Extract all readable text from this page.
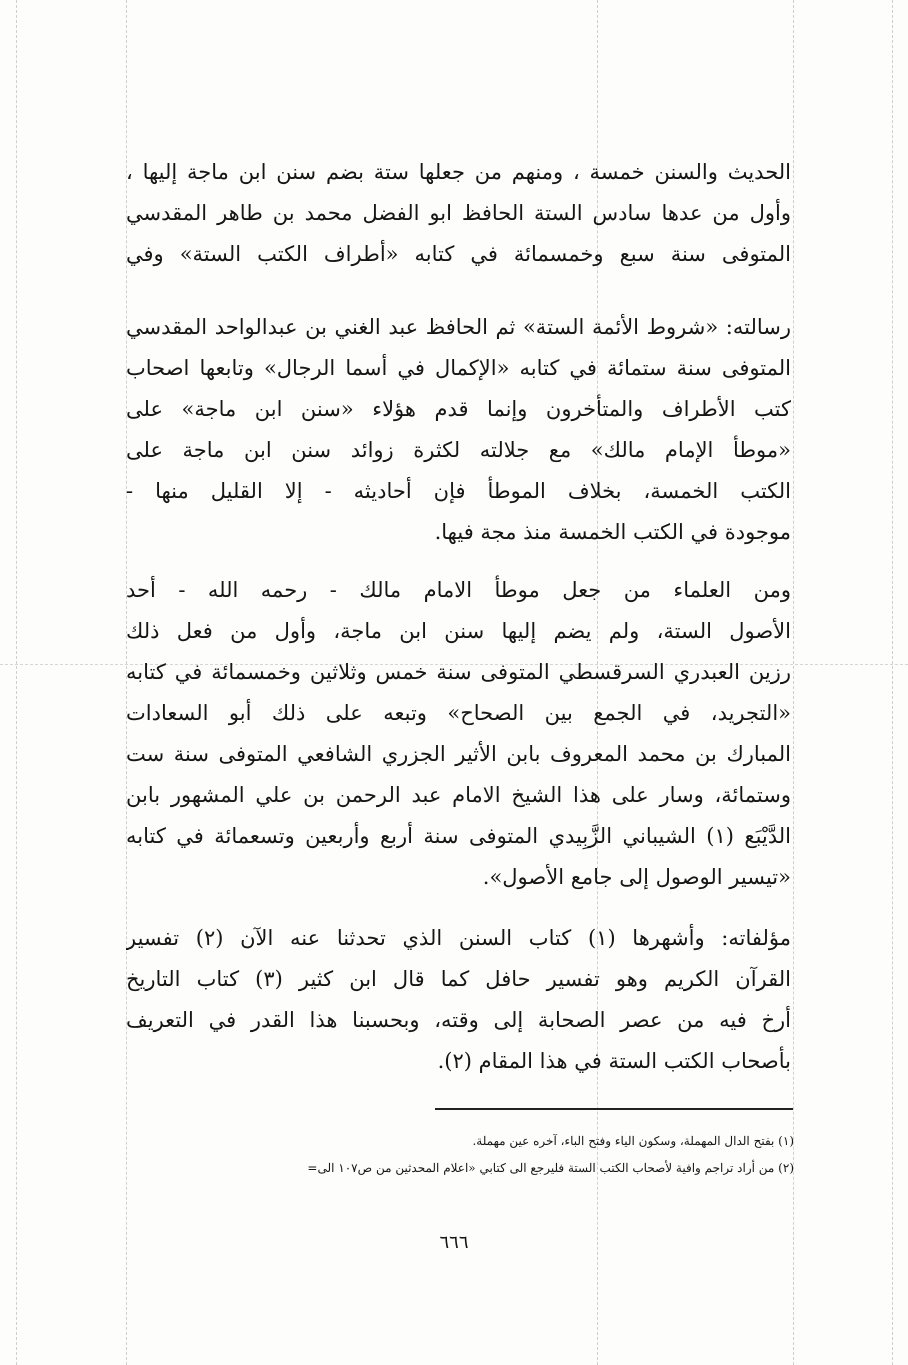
الحديث والسنن خمسة ، ومنهم من جعلها ستة بضم سنن ابن ماجة إليها ،
وأول من عدها سادس الستة الحافظ ابو الفضل محمد بن طاهر المقدسي
المتوفى سنة سبع وخمسمائة في كتابه «أطراف الكتب الستة» وفي
رسالته: «شروط الأئمة الستة» ثم الحافظ عبد الغني بن عبدالواحد المقدسي
المتوفى سنة ستمائة في كتابه «الإكمال في أسما الرجال» وتابعها اصحاب
كتب الأطراف والمتأخرون وإنما قدم هؤلاء «سنن ابن ماجة» على
«موطأ الإمام مالك» مع جلالته لكثرة زوائد سنن ابن ماجة على
الكتب الخمسة، بخلاف الموطأ فإن أحاديثه - إلا القليل منها -
موجودة في الكتب الخمسة منذ مجة فيها.
ومن العلماء من جعل موطأ الامام مالك - رحمه الله - أحد
الأصول الستة، ولم يضم إليها سنن ابن ماجة، وأول من فعل ذلك
رزين العبدري السرقسطي المتوفى سنة خمس وثلاثين وخمسمائة في كتابه
«التجريد، في الجمع بين الصحاح» وتبعه على ذلك أبو السعادات
المبارك بن محمد المعروف بابن الأثير الجزري الشافعي المتوفى سنة ست
وستمائة، وسار على هذا الشيخ الامام عبد الرحمن بن علي المشهور بابن
الدَّيْبَع (١) الشيباني الزَّبِيدي المتوفى سنة أربع وأربعين وتسعمائة في كتابه
«تيسير الوصول إلى جامع الأصول».
مؤلفاته: وأشهرها (١) كتاب السنن الذي تحدثنا عنه الآن (٢) تفسير
القرآن الكريم وهو تفسير حافل كما قال ابن كثير (٣) كتاب التاريخ
أرخ فيه من عصر الصحابة إلى وقته، وبحسبنا هذا القدر في التعريف
بأصحاب الكتب الستة في هذا المقام (٢).
(١) بفتح الدال المهملة، وسكون الياء وفتح الباء، آخره عين مهملة.
(٢) من أراد تراجم وافية لأصحاب الكتب الستة فليرجع الى كتابي «اعلام المحدثين من ص١٠٧ الى=
٦٦٦
